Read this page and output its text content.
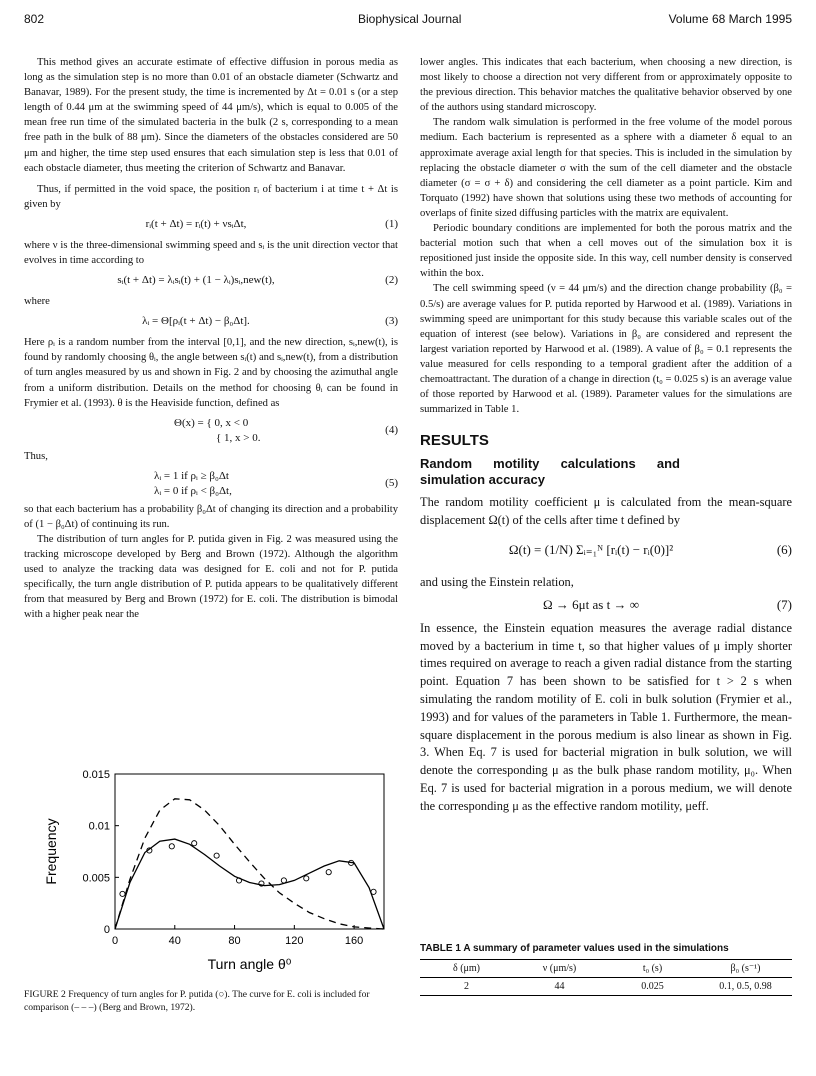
802	Biophysical Journal	Volume 68 March 1995

This method gives an accurate estimate of effective diffusion in porous media as long as the simulation step is no more than 0.01 of an obstacle diameter (Schwartz and Banavar, 1989). For the present study, the time is incremented by Δt = 0.01 s (or a step length of 0.44 μm at the swimming speed of 44 μm/s), which is equal to 0.005 of the mean free run time of the simulated bacteria in the bulk (2 s, corresponding to a mean free path in the bulk of 88 μm). Since the diameters of the obstacles considered are 50 μm and higher, the time step used ensures that each simulation step is less that 0.01 of each obstacle diameter, thus meeting the criterion of Schwartz and Banavar.

Thus, if permitted in the void space, the position rᵢ of bacterium i at time t + Δt is given by

rᵢ(t + Δt) = rᵢ(t) + νsᵢΔt,	(1)

where ν is the three-dimensional swimming speed and sᵢ is the unit direction vector that evolves in time according to

sᵢ(t + Δt) = λᵢsᵢ(t) + (1 − λᵢ)sᵢ,new(t),	(2)

where

λᵢ = Θ[ρᵢ(t + Δt) − β₀Δt].	(3)

Here ρᵢ is a random number from the interval [0,1], and the new direction, sᵢ,new(t), is found by randomly choosing θᵢ, the angle between sᵢ(t) and sᵢ,new(t), from a distribution of turn angles measured by us and shown in Fig. 2 and by choosing the azimuthal angle from a uniform distribution. Details on the method for choosing θᵢ can be found in Frymier et al. (1993). θ is the Heaviside function, defined as

Θ(x) = { 0, x < 0
{ 1, x > 0.
(4)

Thus,

λᵢ = 1 if ρᵢ ≥ β₀Δt
λᵢ = 0 if ρᵢ < β₀Δt,
(5)

so that each bacterium has a probability β₀Δt of changing its direction and a probability of (1 − β₀Δt) of continuing its run.

The distribution of turn angles for P. putida given in Fig. 2 was measured using the tracking microscope developed by Berg and Brown (1972). Although the algorithm used to analyze the tracking data was designed for E. coli and not for P. putida specifically, the turn angle distribution of P. putida appears to be qualitatively different from that measured by Berg and Brown (1972) for E. coli. The distribution is bimodal with a higher peak near the

0	40	80	120	160
0
0.005
0.01
0.015
Turn angle θ⁰
Frequency
FIGURE 2 Frequency of turn angles for P. putida (○). The curve for E. coli is included for comparison (– – –) (Berg and Brown, 1972).

lower angles. This indicates that each bacterium, when choosing a new direction, is most likely to choose a direction not very different from or approximately opposite to the previous direction. This behavior matches the qualitative behavior observed by one of the authors using standard microscopy.

The random walk simulation is performed in the free volume of the model porous medium. Each bacterium is represented as a sphere with a diameter δ equal to an approximate average axial length for that species. This is included in the simulation by replacing the obstacle diameter σ with the sum of the cell diameter and the obstacle diameter (σ = σ + δ) and considering the cell diameter as a point particle. Kim and Torquato (1992) have shown that solutions using these two methods of accounting for overlaps of finite sized diffusing particles with the matrix are equivalent.

Periodic boundary conditions are implemented for both the porous matrix and the bacterial motion such that when a cell moves out of the simulation box it is repositioned just inside the opposite side. In this way, cell number density is conserved within the box.

The cell swimming speed (ν = 44 μm/s) and the direction change probability (β₀ = 0.5/s) are average values for P. putida reported by Harwood et al. (1989). Variations in swimming speed are unimportant for this study because this variable scales out of the equation of interest (see below). Variations in β₀ are considered and represent the largest variation reported by Harwood et al. (1989). A value of β₀ = 0.1 represents the value measured for cells responding to a temporal gradient after the addition of a chemoattractant. The duration of a change in direction (t₀ = 0.025 s) is an average value of those reported by Harwood et al. (1989). Parameter values for the simulations are summarized in Table 1.

RESULTS
Random motility calculations and simulation accuracy

The random motility coefficient μ is calculated from the mean-square displacement Ω(t) of the cells after time t defined by

Ω(t) = (1/N) Σᵢ₌₁ᴺ [rᵢ(t) − rᵢ(0)]²	(6)

and using the Einstein relation,

Ω → 6μt as t → ∞	(7)

In essence, the Einstein equation measures the average radial distance moved by a bacterium in time t, so that higher values of μ imply shorter times required on average to reach a given radial distance from the starting point. Equation 7 has been shown to be satisfied for t > 2 s when simulating the random motility of E. coli in bulk solution (Frymier et al., 1993) and for values of the parameters in Table 1. Furthermore, the mean-square displacement in the porous medium is also linear as shown in Fig. 3. When Eq. 7 is used for bacterial migration in bulk solution, we will denote the corresponding μ as the bulk phase random motility, μ₀. When Eq. 7 is used for bacterial migration in a porous medium, we will denote the corresponding μ as the effective random motility, μeff.

TABLE 1 A summary of parameter values used in the simulations
δ (μm)	ν (μm/s)	t₀ (s)	β₀ (s⁻¹)
2	44	0.025	0.1, 0.5, 0.98
